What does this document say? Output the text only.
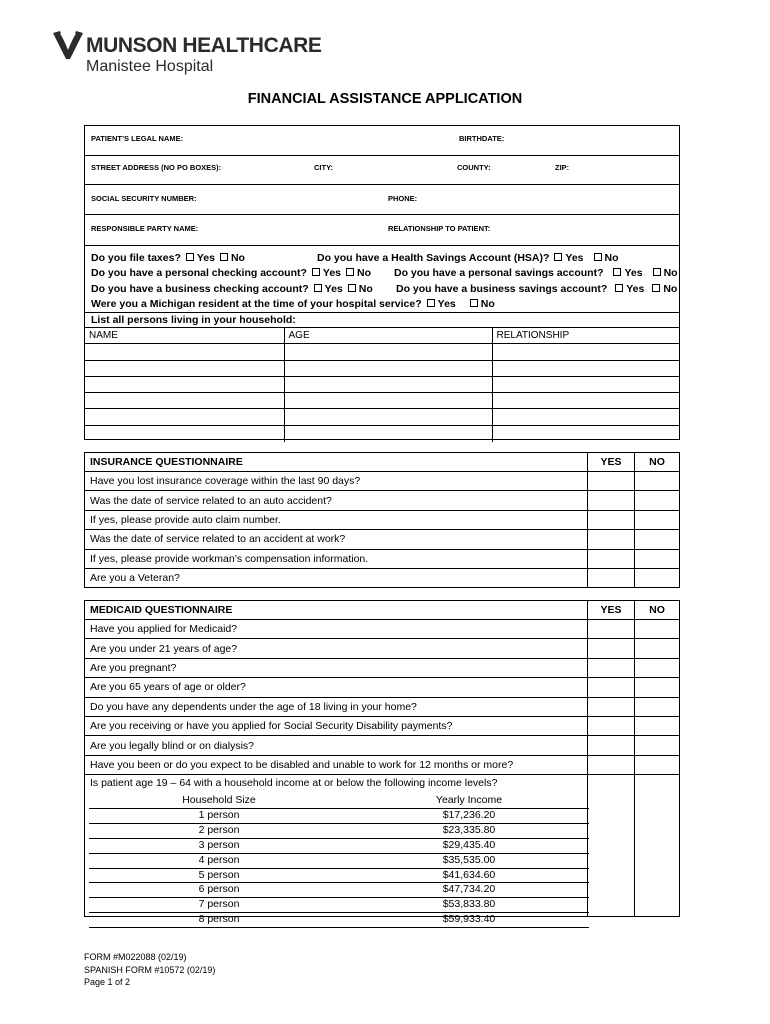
MUNSON HEALTHCARE
Manistee Hospital
FINANCIAL ASSISTANCE APPLICATION
PATIENT’S LEGAL NAME:	BIRTHDATE:
STREET ADDRESS (NO PO BOXES):	CITY:	COUNTY:	ZIP:
SOCIAL SECURITY NUMBER:	PHONE:
RESPONSIBLE PARTY NAME:	RELATIONSHIP TO PATIENT:
Do you file taxes? Yes No	Do you have a Health Savings Account (HSA)? Yes No
Do you have a personal checking account? Yes No Do you have a personal savings account? Yes No
Do you have a business checking account? Yes No Do you have a business savings account? Yes No
Were you a Michigan resident at the time of your hospital service? Yes No
List all persons living in your household:
NAME	AGE	RELATIONSHIP

INSURANCE QUESTIONNAIRE	YES	NO
Have you lost insurance coverage within the last 90 days?		
Was the date of service related to an auto accident?		
If yes, please provide auto claim number.		
Was the date of service related to an accident at work?		
If yes, please provide workman’s compensation information.		
Are you a Veteran?		
MEDICAID QUESTIONNAIRE	YES	NO
Have you applied for Medicaid?		
Are you under 21 years of age?		
Are you pregnant?		
Are you 65 years of age or older?		
Do you have any dependents under the age of 18 living in your home?		
Are you receiving or have you applied for Social Security Disability payments?		
Are you legally blind or on dialysis?		
Have you been or do you expect to be disabled and unable to work for 12 months or more?		
Is patient age 19 – 64 with a household income at or below the following income levels?		
Household Size	Yearly Income
1 person	$17,236.20
2 person	$23,335.80
3 person	$29,435.40
4 person	$35,535.00
5 person	$41,634.60
6 person	$47,734.20
7 person	$53,833.80
8 person	$59,933.40
FORM #M022088 (02/19)
SPANISH FORM #10572 (02/19)
Page 1 of 2
